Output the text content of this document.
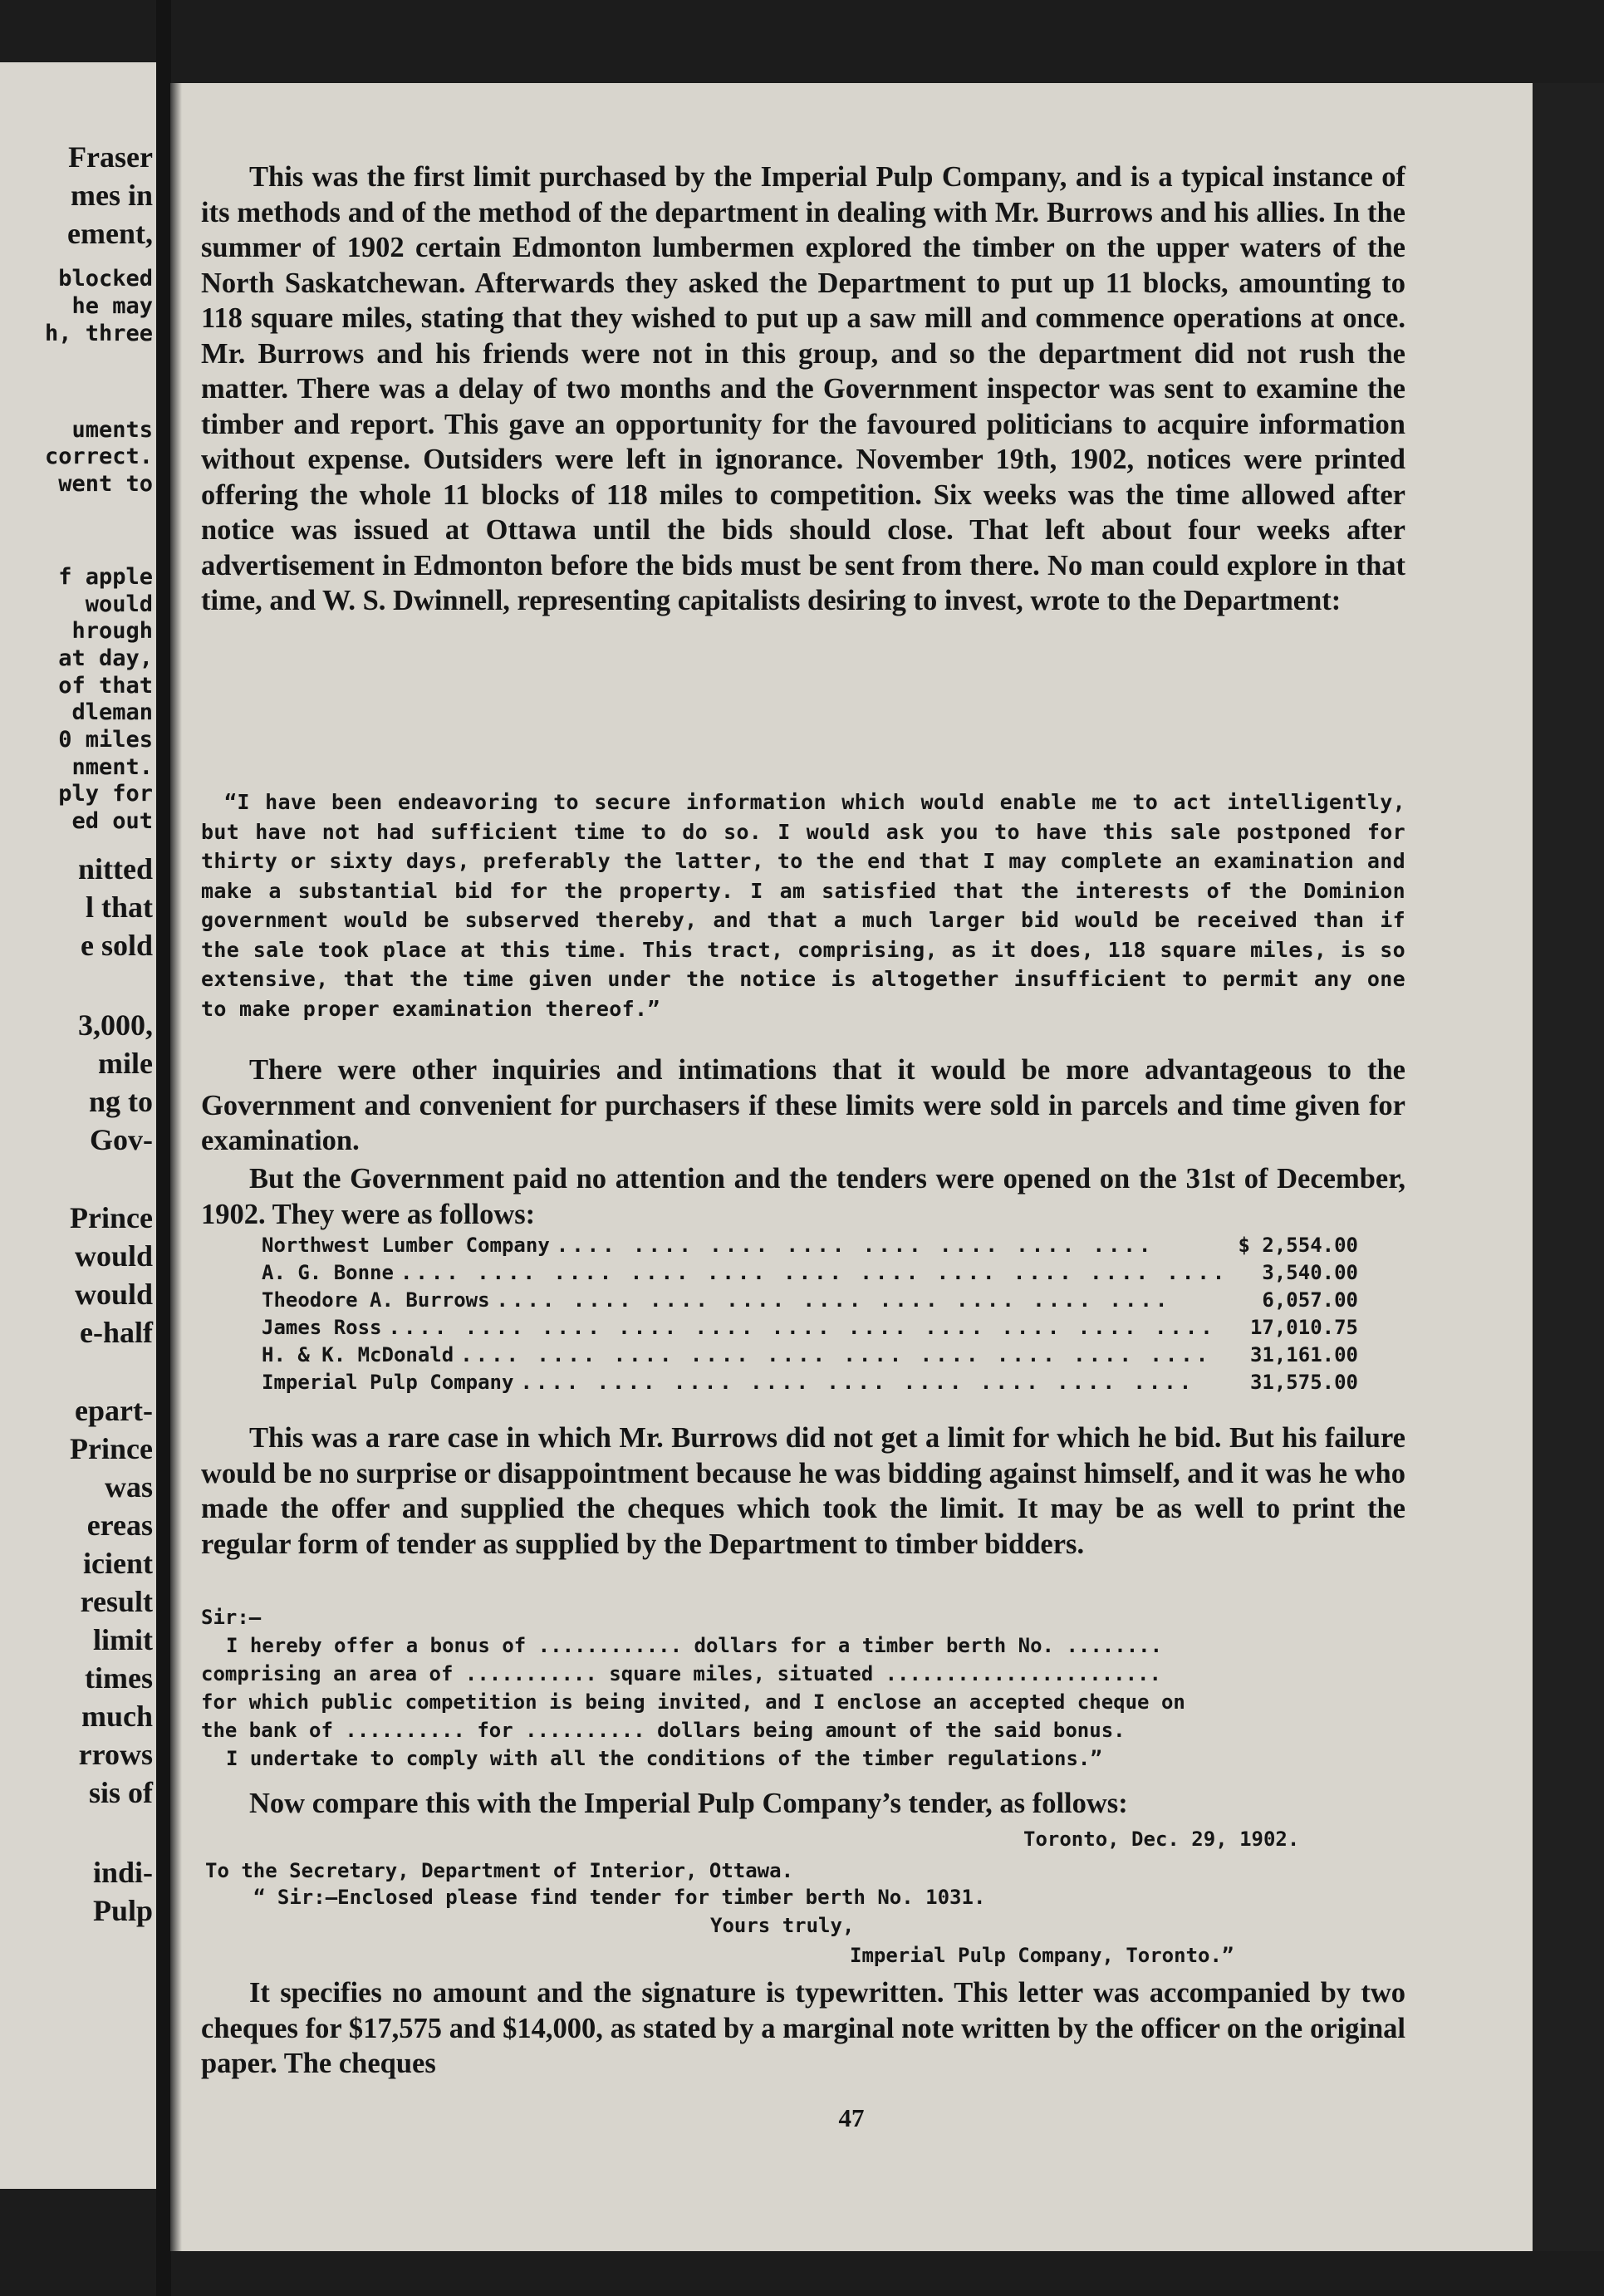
Fraser
mes in
ement,
blocked
he may
h, three
uments
correct.
went to
f apple
would
hrough
at day,
of that
dleman
0 miles
nment.
ply for
ed out
nitted
l that
e sold
3,000,
mile
ng to
Gov-
Prince
would
would
e-half
epart-
Prince
was
ereas
icient
result
limit
times
much
rrows
sis of
indi-
Pulp

This was the first limit purchased by the Imperial Pulp Company, and is a typical instance of its methods and of the method of the department in dealing with Mr. Burrows and his allies. In the summer of 1902 certain Edmonton lumbermen explored the timber on the upper waters of the North Saskatchewan. Afterwards they asked the Department to put up 11 blocks, amounting to 118 square miles, stating that they wished to put up a saw mill and commence operations at once. Mr. Burrows and his friends were not in this group, and so the department did not rush the matter. There was a delay of two months and the Government inspector was sent to examine the timber and report. This gave an opportunity for the favoured politicians to acquire information without expense. Outsiders were left in ignorance. November 19th, 1902, notices were printed offering the whole 11 blocks of 118 miles to competition. Six weeks was the time allowed after notice was issued at Ottawa until the bids should close. That left about four weeks after advertisement in Edmonton before the bids must be sent from there. No man could explore in that time, and W. S. Dwinnell, representing capitalists desiring to invest, wrote to the Department:

“I have been endeavoring to secure information which would enable me to act intelligently, but have not had sufficient time to do so. I would ask you to have this sale postponed for thirty or sixty days, preferably the latter, to the end that I may complete an examination and make a substantial bid for the property. I am satisfied that the interests of the Dominion government would be subserved thereby, and that a much larger bid would be received than if the sale took place at this time. This tract, comprising, as it does, 118 square miles, is so extensive, that the time given under the notice is altogether insufficient to permit any one to make proper examination thereof.”

There were other inquiries and intimations that it would be more advantageous to the Government and convenient for purchasers if these limits were sold in parcels and time given for examination.

But the Government paid no attention and the tenders were opened on the 31st of December, 1902. They were as follows:

Northwest Lumber Company .... .... .... .... .... .... .... ....	$ 2,554.00
A. G. Bonne .... .... .... .... .... .... .... .... .... .... ....	3,540.00
Theodore A. Burrows .... .... .... .... .... .... .... .... ....	6,057.00
James Ross .... .... .... .... .... .... .... .... .... .... ....	17,010.75
H. & K. McDonald .... .... .... .... .... .... .... .... .... ....	31,161.00
Imperial Pulp Company .... .... .... .... .... .... .... .... ....	31,575.00

This was a rare case in which Mr. Burrows did not get a limit for which he bid. But his failure would be no surprise or disappointment because he was bidding against himself, and it was he who made the offer and supplied the cheques which took the limit. It may be as well to print the regular form of tender as supplied by the Department to timber bidders.

Sir:—

I hereby offer a bonus of ............ dollars for a timber berth No. ........

comprising an area of ........... square miles, situated .......................

for which public competition is being invited, and I enclose an accepted cheque on

the bank of .......... for .......... dollars being amount of the said bonus.

I undertake to comply with all the conditions of the timber regulations.”

Now compare this with the Imperial Pulp Company’s tender, as follows:

Toronto, Dec. 29, 1902.
To the Secretary, Department of Interior, Ottawa.
“ Sir:—Enclosed please find tender for timber berth No. 1031.
Yours truly,
Imperial Pulp Company, Toronto.”

It specifies no amount and the signature is typewritten. This letter was accompanied by two cheques for $17,575 and $14,000, as stated by a marginal note written by the officer on the original paper. The cheques

47
